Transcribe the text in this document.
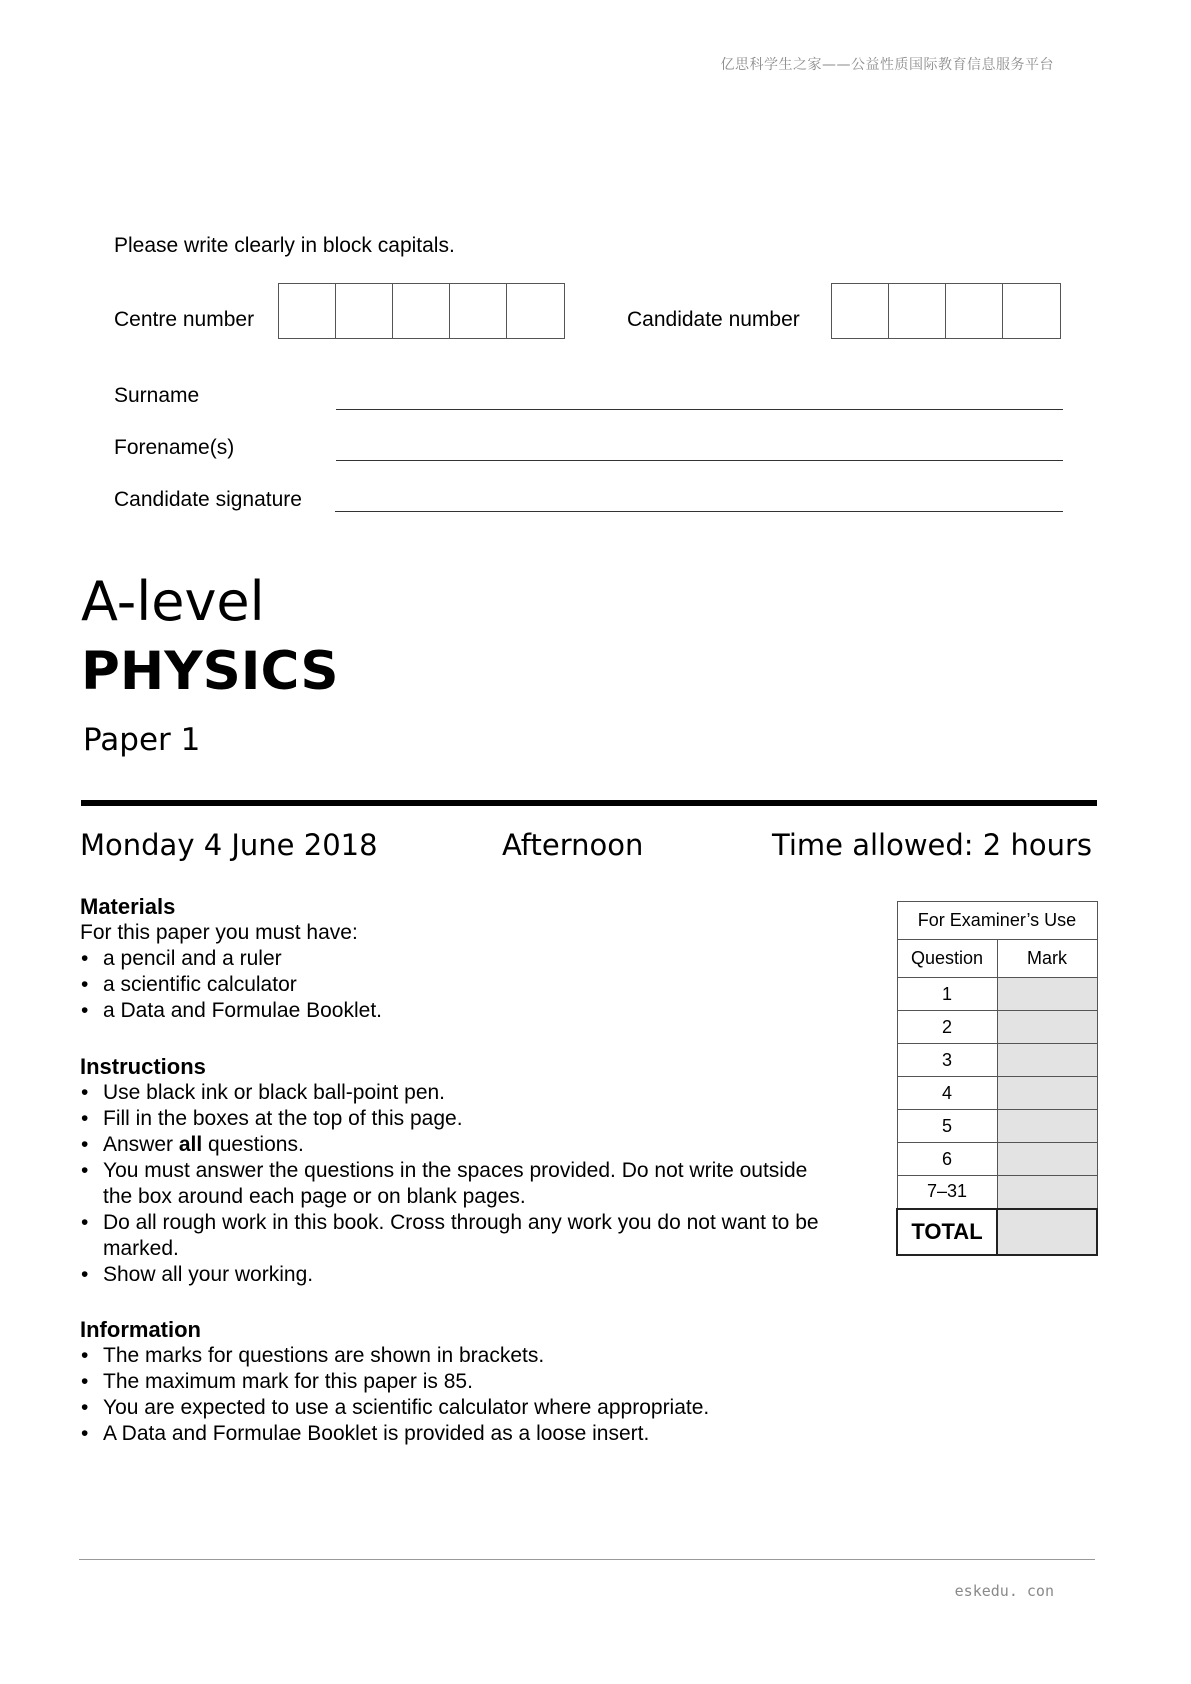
亿思科学生之家——公益性质国际教育信息服务平台
Please write clearly in block capitals.
Centre number	Candidate number
Surname
Forename(s)
Candidate signature
A-level
PHYSICS
Paper 1
Monday 4 June 2018	Afternoon	Time allowed: 2 hours
Materials
For this paper you must have:
• a pencil and a ruler
• a scientific calculator
• a Data and Formulae Booklet.
Instructions
• Use black ink or black ball-point pen.
• Fill in the boxes at the top of this page.
• Answer all questions.
• You must answer the questions in the spaces provided. Do not write outside the box around each page or on blank pages.
• Do all rough work in this book. Cross through any work you do not want to be marked.
• Show all your working.
Information
• The marks for questions are shown in brackets.
• The maximum mark for this paper is 85.
• You are expected to use a scientific calculator where appropriate.
• A Data and Formulae Booklet is provided as a loose insert.
For Examiner’s Use	
Question	Mark
1	
2	
3	
4	
5	
6	
7–31	
TOTAL	
eskedu. con
